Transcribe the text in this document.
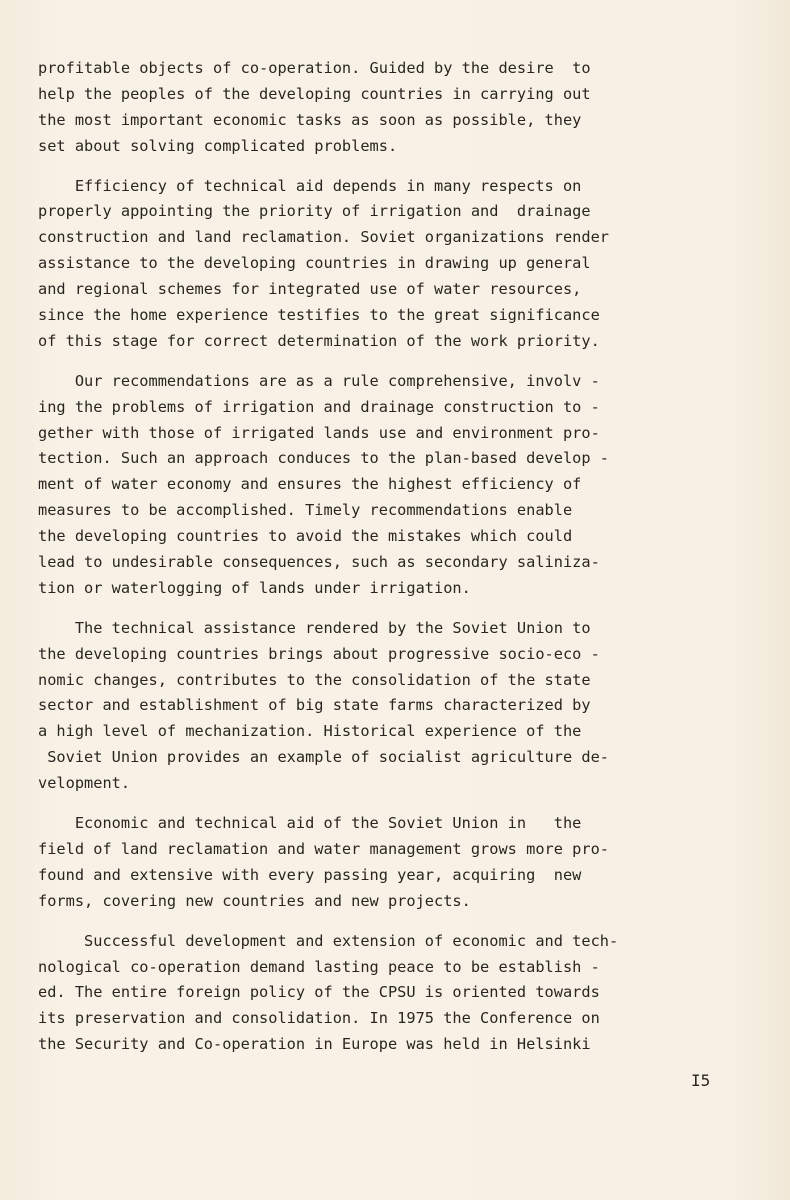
profitable objects of co-operation. Guided by the desire  to
help the peoples of the developing countries in carrying out
the most important economic tasks as soon as possible, they
set about solving complicated problems.
Efficiency of technical aid depends in many respects on
properly appointing the priority of irrigation and  drainage
construction and land reclamation. Soviet organizations render
assistance to the developing countries in drawing up general
and regional schemes for integrated use of water resources,
since the home experience testifies to the great significance
of this stage for correct determination of the work priority.
Our recommendations are as a rule comprehensive, involv -
ing the problems of irrigation and drainage construction to -
gether with those of irrigated lands use and environment pro-
tection. Such an approach conduces to the plan-based develop -
ment of water economy and ensures the highest efficiency of
measures to be accomplished. Timely recommendations enable
the developing countries to avoid the mistakes which could
lead to undesirable consequences, such as secondary saliniza-
tion or waterlogging of lands under irrigation.
The technical assistance rendered by the Soviet Union to
the developing countries brings about progressive socio-eco -
nomic changes, contributes to the consolidation of the state
sector and establishment of big state farms characterized by
a high level of mechanization. Historical experience of the
Soviet Union provides an example of socialist agriculture de-
velopment.
Economic and technical aid of the Soviet Union in   the
field of land reclamation and water management grows more pro-
found and extensive with every passing year, acquiring  new
forms, covering new countries and new projects.
Successful development and extension of economic and tech-
nological co-operation demand lasting peace to be establish -
ed. The entire foreign policy of the CPSU is oriented towards
its preservation and consolidation. In 1975 the Conference on
the Security and Co-operation in Europe was held in Helsinki
I5
